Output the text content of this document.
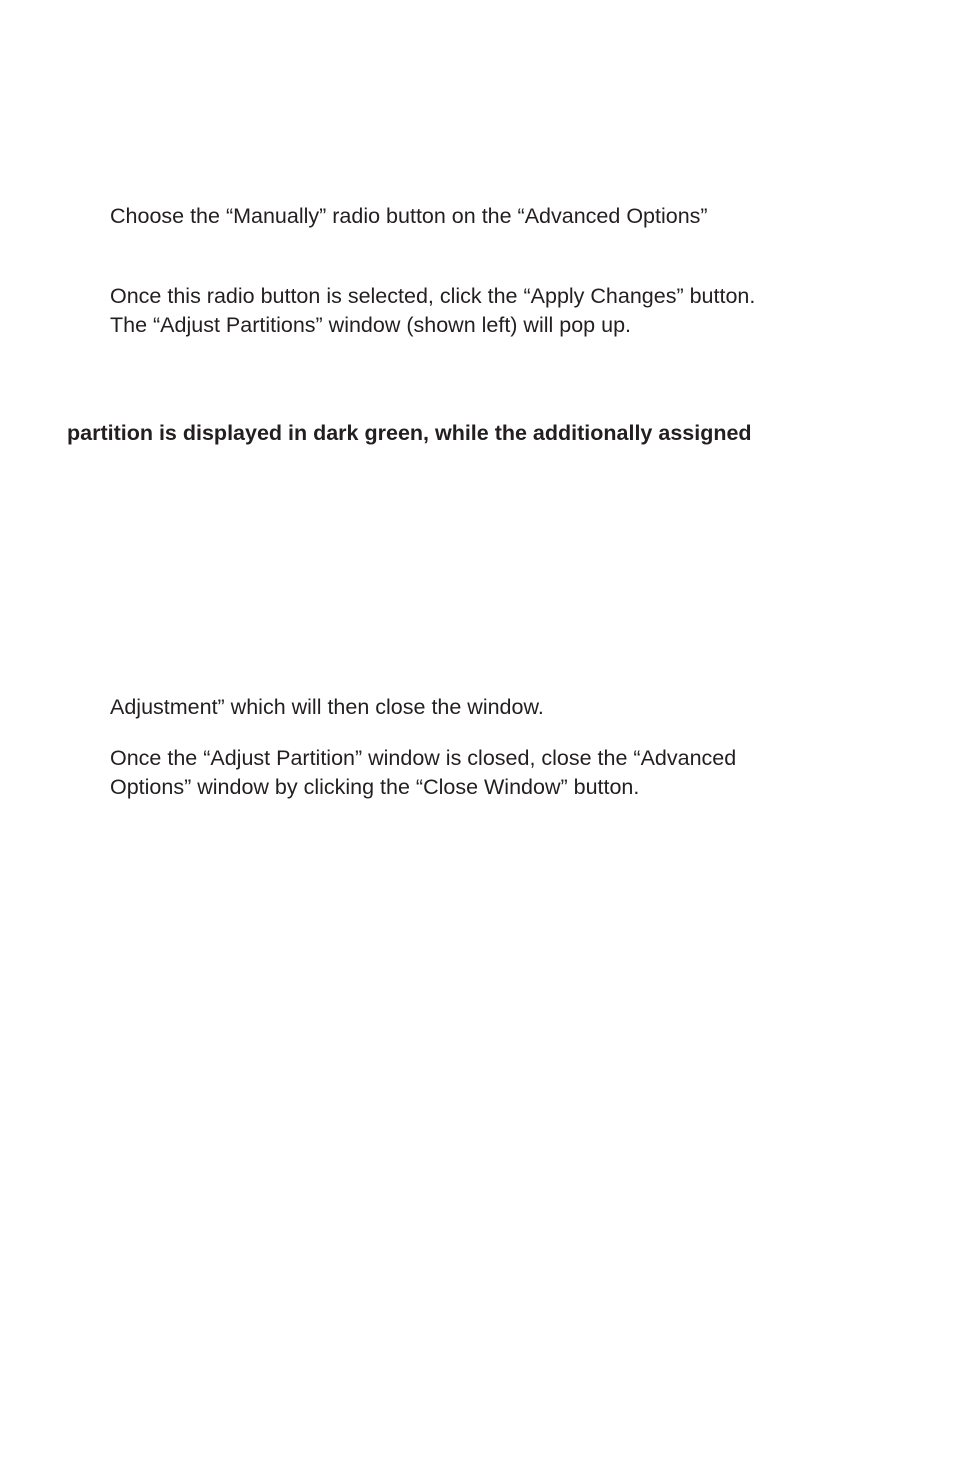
Choose the “Manually” radio button on the “Advanced Options”

Once this radio button is selected, click the “Apply Changes” button.

The “Adjust Partitions” window (shown left) will pop up.

partition is displayed in dark green, while the additionally assigned

Adjustment” which will then close the window.

Once the “Adjust Partition” window is closed, close the “Advanced

Options” window by clicking the “Close Window” button.
